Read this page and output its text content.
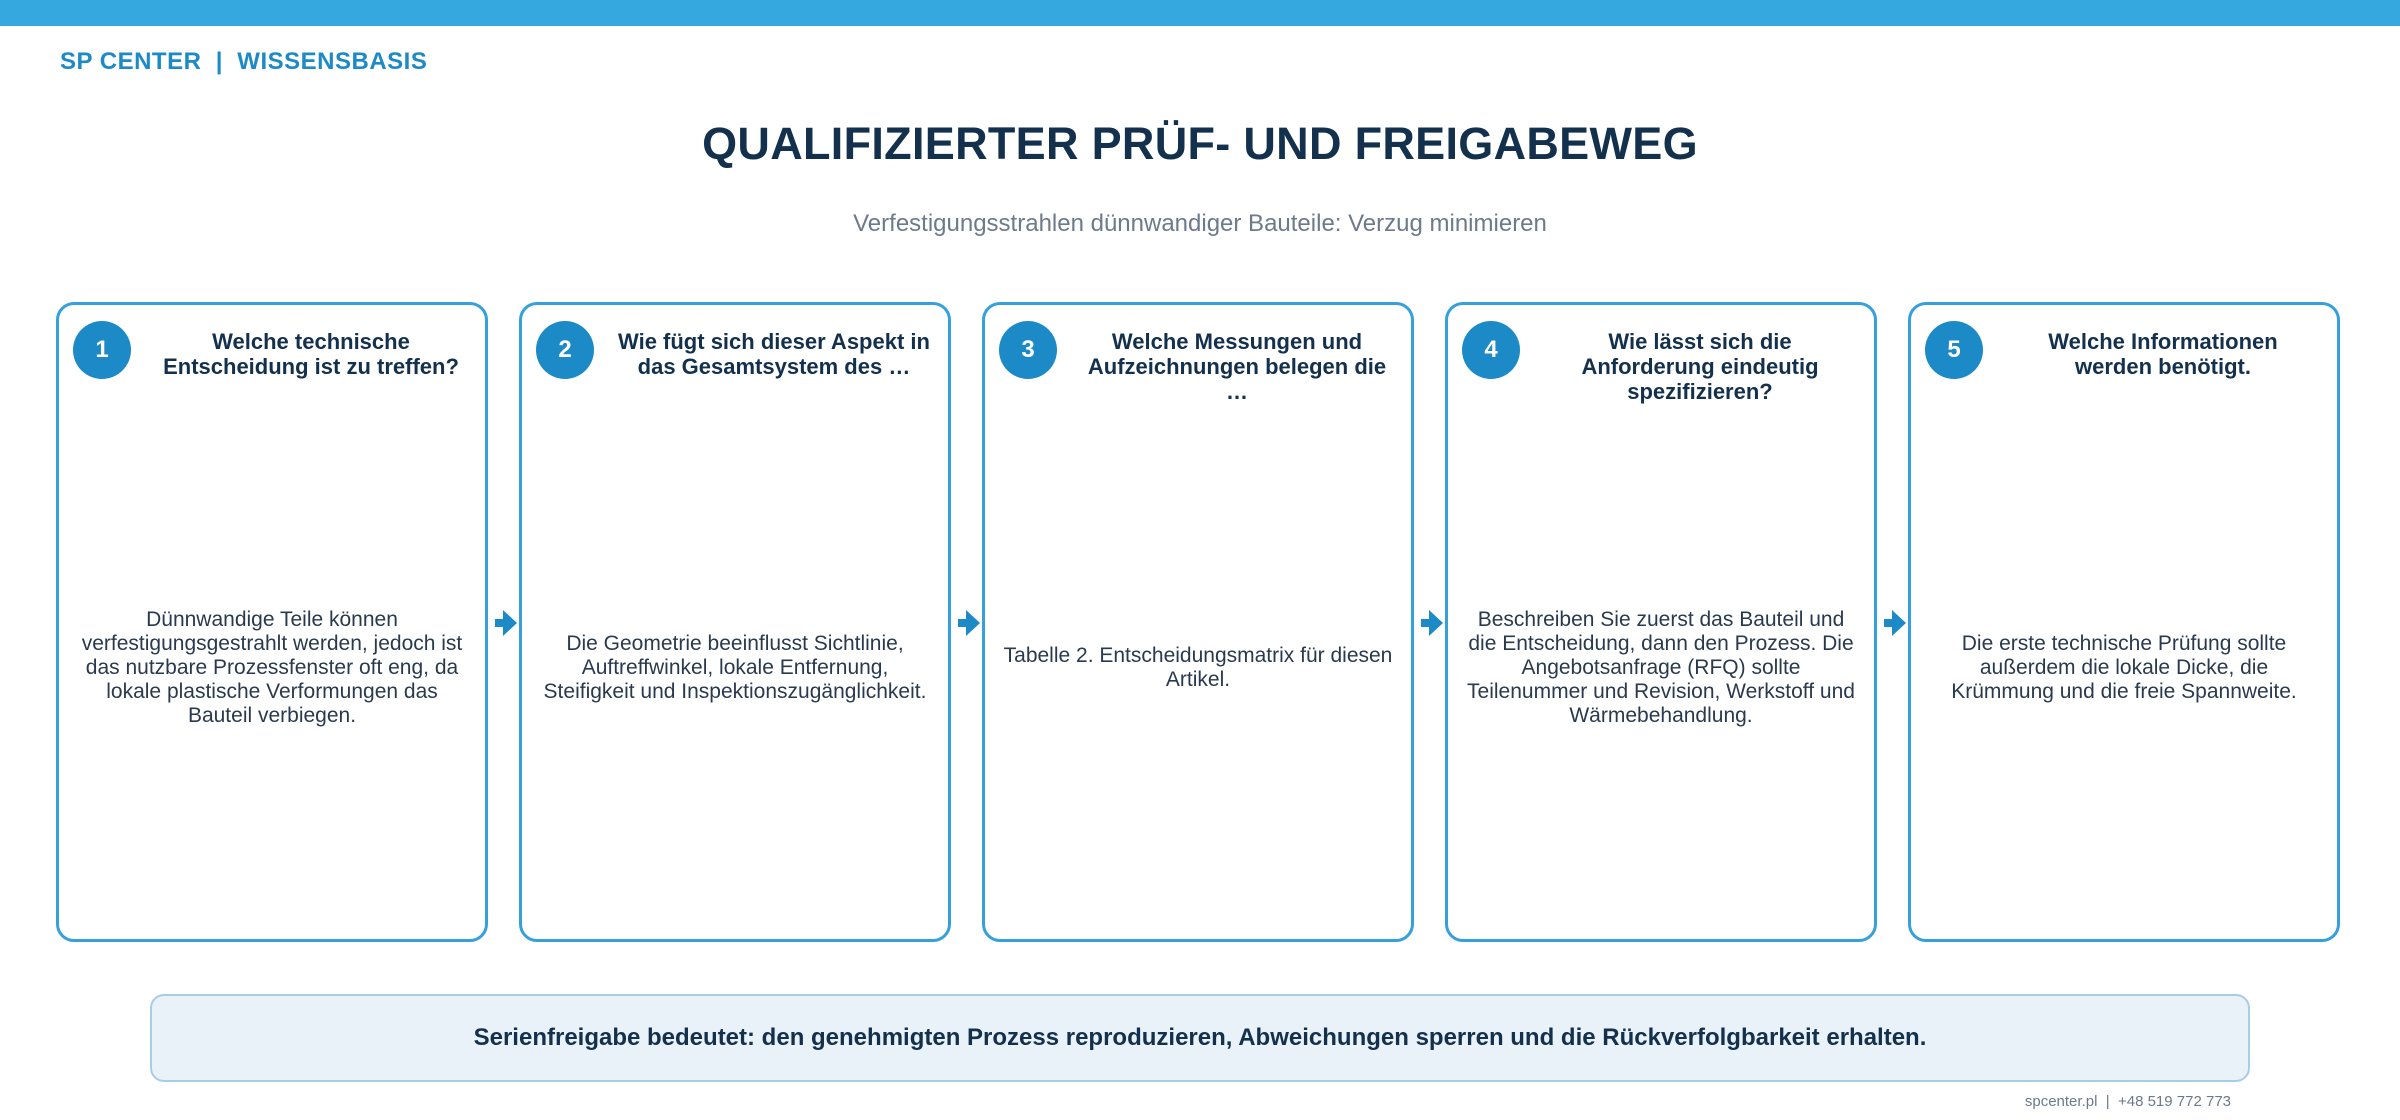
SP CENTER  |  WISSENSBASIS
QUALIFIZIERTER PRÜF- UND FREIGABEWEG
Verfestigungsstrahlen dünnwandiger Bauteile: Verzug minimieren
1	Welche technische Entscheidung ist zu treffen?
Dünnwandige Teile können verfestigungsgestrahlt werden, jedoch ist das nutzbare Prozessfenster oft eng, da lokale plastische Verformungen das Bauteil verbiegen.
2	Wie fügt sich dieser Aspekt in das Gesamtsystem des …
Die Geometrie beeinflusst Sichtlinie, Auftreffwinkel, lokale Entfernung, Steifigkeit und Inspektionszugänglichkeit.
3	Welche Messungen und Aufzeichnungen belegen die …
Tabelle 2. Entscheidungsmatrix für diesen Artikel.
4	Wie lässt sich die Anforderung eindeutig spezifizieren?
Beschreiben Sie zuerst das Bauteil und die Entscheidung, dann den Prozess. Die Angebotsanfrage (RFQ) sollte Teilenummer und Revision, Werkstoff und Wärmebehandlung.
5	Welche Informationen werden benötigt.
Die erste technische Prüfung sollte außerdem die lokale Dicke, die Krümmung und die freie Spannweite.
Serienfreigabe bedeutet: den genehmigten Prozess reproduzieren, Abweichungen sperren und die Rückverfolgbarkeit erhalten.
spcenter.pl  |  +48 519 772 773
